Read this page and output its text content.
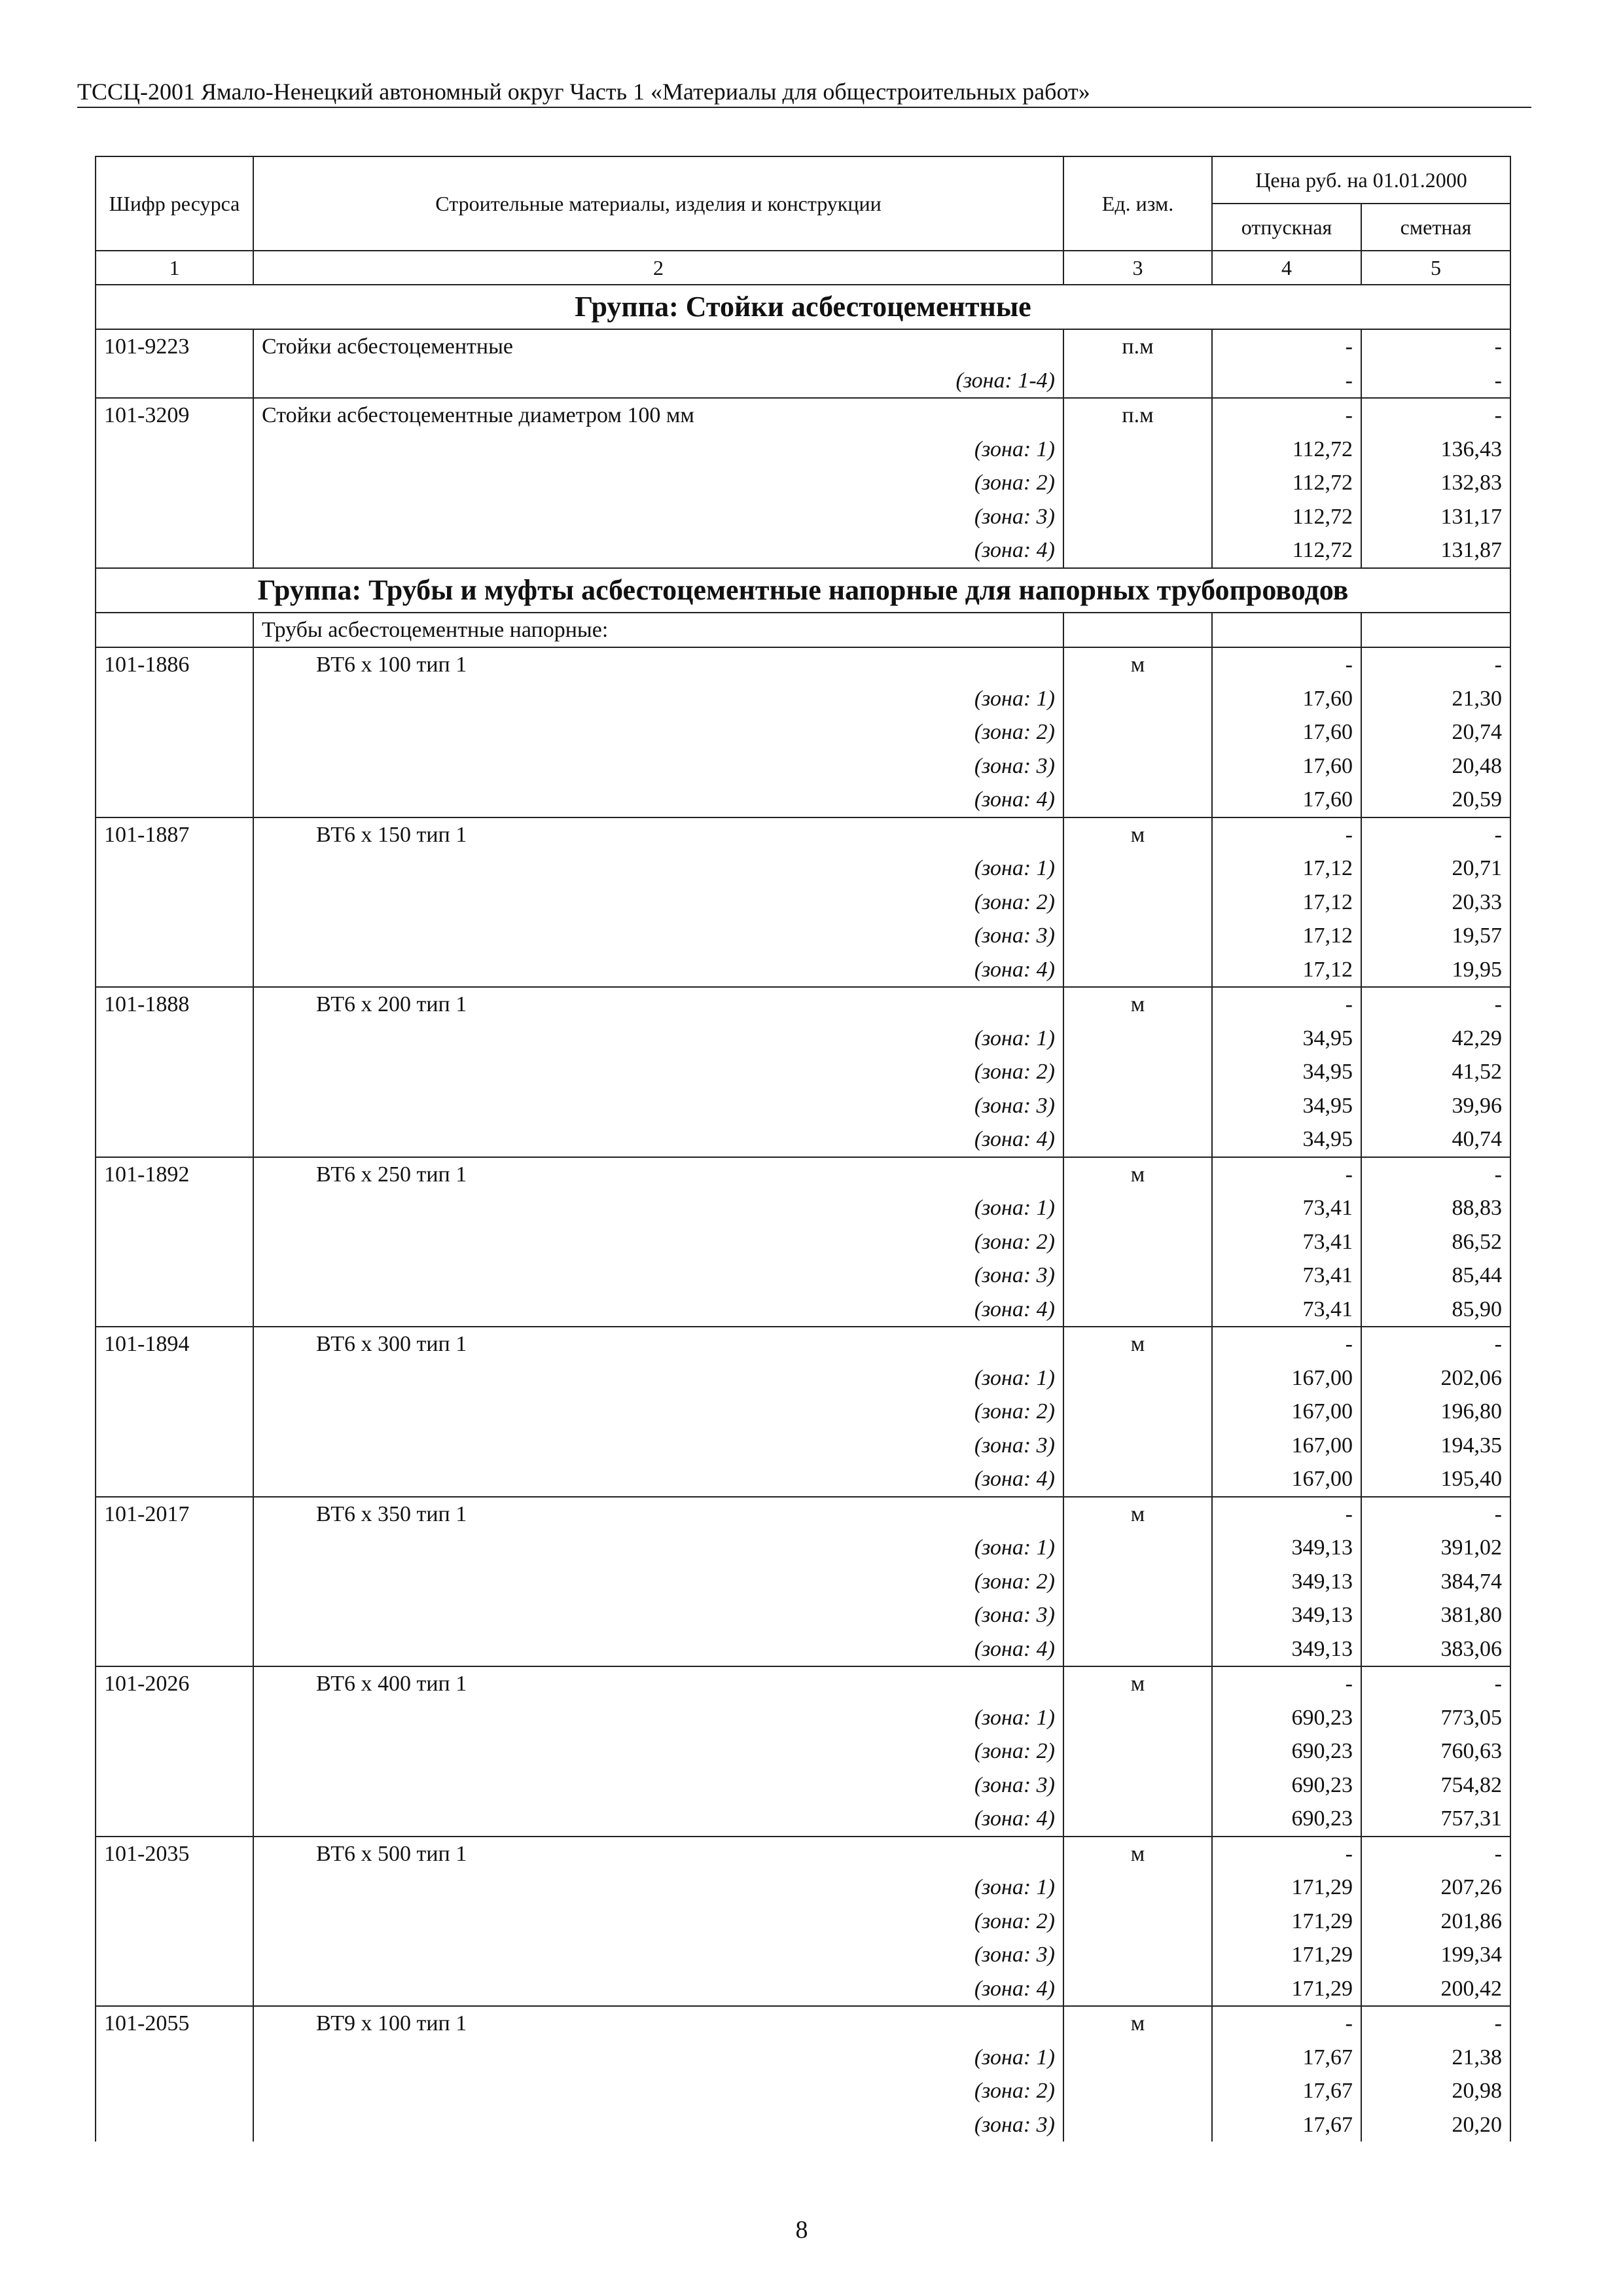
ТССЦ-2001 Ямало-Ненецкий автономный округ Часть 1 «Материалы для общестроительных работ»
Шифр ресурса	Строительные материалы, изделия и конструкции	Ед. изм.	Цена руб. на 01.01.2000	
			отпускная	сметная
1	2	3	4	5
Группа: Стойки асбестоцементные				
101-9223	Стойки асбестоцементные	п.м	-	-
	(зона: 1-4)		-	-
101-3209	Стойки асбестоцементные диаметром 100 мм	п.м	-	-
	(зона: 1)		112,72	136,43
	(зона: 2)		112,72	132,83
	(зона: 3)		112,72	131,17
	(зона: 4)		112,72	131,87
Группа: Трубы и муфты асбестоцементные напорные для напорных трубопроводов				
	Трубы асбестоцементные напорные:			
101-1886	ВТ6 х 100 тип 1	м	-	-
	(зона: 1)		17,60	21,30
	(зона: 2)		17,60	20,74
	(зона: 3)		17,60	20,48
	(зона: 4)		17,60	20,59
101-1887	ВТ6 х 150 тип 1	м	-	-
	(зона: 1)		17,12	20,71
	(зона: 2)		17,12	20,33
	(зона: 3)		17,12	19,57
	(зона: 4)		17,12	19,95
101-1888	ВТ6 х 200 тип 1	м	-	-
	(зона: 1)		34,95	42,29
	(зона: 2)		34,95	41,52
	(зона: 3)		34,95	39,96
	(зона: 4)		34,95	40,74
101-1892	ВТ6 х 250 тип 1	м	-	-
	(зона: 1)		73,41	88,83
	(зона: 2)		73,41	86,52
	(зона: 3)		73,41	85,44
	(зона: 4)		73,41	85,90
101-1894	ВТ6 х 300 тип 1	м	-	-
	(зона: 1)		167,00	202,06
	(зона: 2)		167,00	196,80
	(зона: 3)		167,00	194,35
	(зона: 4)		167,00	195,40
101-2017	ВТ6 х 350 тип 1	м	-	-
	(зона: 1)		349,13	391,02
	(зона: 2)		349,13	384,74
	(зона: 3)		349,13	381,80
	(зона: 4)		349,13	383,06
101-2026	ВТ6 х 400 тип 1	м	-	-
	(зона: 1)		690,23	773,05
	(зона: 2)		690,23	760,63
	(зона: 3)		690,23	754,82
	(зона: 4)		690,23	757,31
101-2035	ВТ6 х 500 тип 1	м	-	-
	(зона: 1)		171,29	207,26
	(зона: 2)		171,29	201,86
	(зона: 3)		171,29	199,34
	(зона: 4)		171,29	200,42
101-2055	ВТ9 х 100 тип 1	м	-	-
	(зона: 1)		17,67	21,38
	(зона: 2)		17,67	20,98
	(зона: 3)		17,67	20,20
8
